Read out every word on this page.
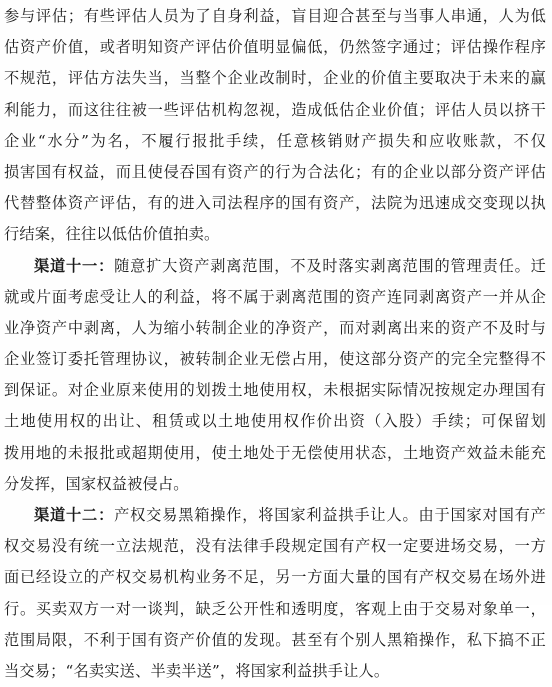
参与评估；有些评估人员为了自身利益，盲目迎合甚至与当事人串通，人为低
估资产价值，或者明知资产评估价值明显偏低，仍然签字通过；评估操作程序
不规范，评估方法失当，当整个企业改制时，企业的价值主要取决于未来的赢
利能力，而这往往被一些评估机构忽视，造成低估企业价值；评估人员以挤干
企业“水分”为名，不履行报批手续，任意核销财产损失和应收账款，不仅
损害国有权益，而且使侵吞国有资产的行为合法化；有的企业以部分资产评估
代替整体资产评估，有的进入司法程序的国有资产，法院为迅速成交变现以执
行结案，往往以低估价值拍卖。
渠道十一：随意扩大资产剥离范围，不及时落实剥离范围的管理责任。迁
就或片面考虑受让人的利益，将不属于剥离范围的资产连同剥离资产一并从企
业净资产中剥离，人为缩小转制企业的净资产，而对剥离出来的资产不及时与
企业签订委托管理协议，被转制企业无偿占用，使这部分资产的完全完整得不
到保证。对企业原来使用的划拨土地使用权，未根据实际情况按规定办理国有
土地使用权的出让、租赁或以土地使用权作价出资（入股）手续；可保留划
拨用地的未报批或超期使用，使土地处于无偿使用状态，土地资产效益未能充
分发挥，国家权益被侵占。
渠道十二：产权交易黑箱操作，将国家利益拱手让人。由于国家对国有产
权交易没有统一立法规范，没有法律手段规定国有产权一定要进场交易，一方
面已经设立的产权交易机构业务不足，另一方面大量的国有产权交易在场外进
行。买卖双方一对一谈判，缺乏公开性和透明度，客观上由于交易对象单一，
范围局限，不利于国有资产价值的发现。甚至有个别人黑箱操作，私下搞不正
当交易；“名卖实送、半卖半送”，将国家利益拱手让人。
